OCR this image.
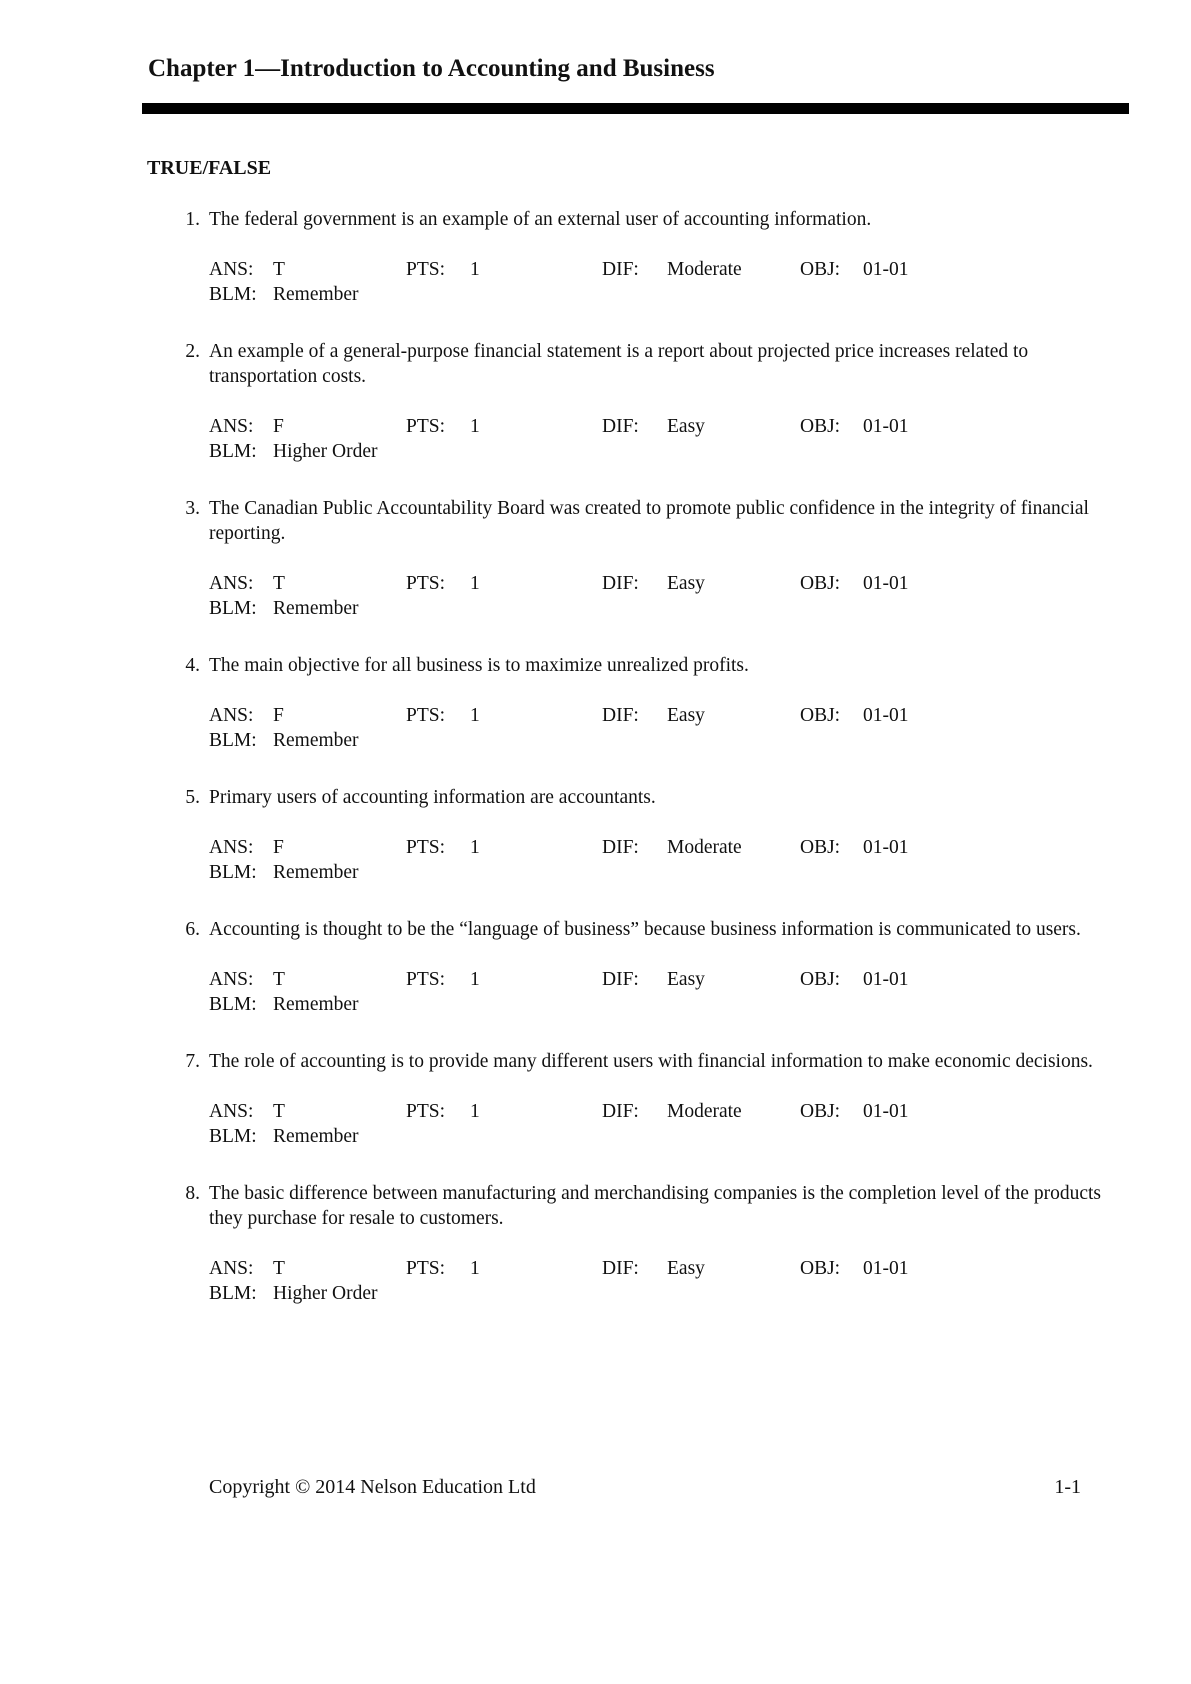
Chapter 1—Introduction to Accounting and Business
TRUE/FALSE
1. The federal government is an example of an external user of accounting information.
ANS: T	PTS: 1	DIF: Moderate	OBJ: 01-01
BLM: Remember
2. An example of a general-purpose financial statement is a report about projected price increases related to transportation costs.
ANS: F	PTS: 1	DIF: Easy	OBJ: 01-01
BLM: Higher Order
3. The Canadian Public Accountability Board was created to promote public confidence in the integrity of financial reporting.
ANS: T	PTS: 1	DIF: Easy	OBJ: 01-01
BLM: Remember
4. The main objective for all business is to maximize unrealized profits.
ANS: F	PTS: 1	DIF: Easy	OBJ: 01-01
BLM: Remember
5. Primary users of accounting information are accountants.
ANS: F	PTS: 1	DIF: Moderate	OBJ: 01-01
BLM: Remember
6. Accounting is thought to be the “language of business” because business information is communicated to users.
ANS: T	PTS: 1	DIF: Easy	OBJ: 01-01
BLM: Remember
7. The role of accounting is to provide many different users with financial information to make economic decisions.
ANS: T	PTS: 1	DIF: Moderate	OBJ: 01-01
BLM: Remember
8. The basic difference between manufacturing and merchandising companies is the completion level of the products they purchase for resale to customers.
ANS: T	PTS: 1	DIF: Easy	OBJ: 01-01
BLM: Higher Order
Copyright © 2014 Nelson Education Ltd	1-1
